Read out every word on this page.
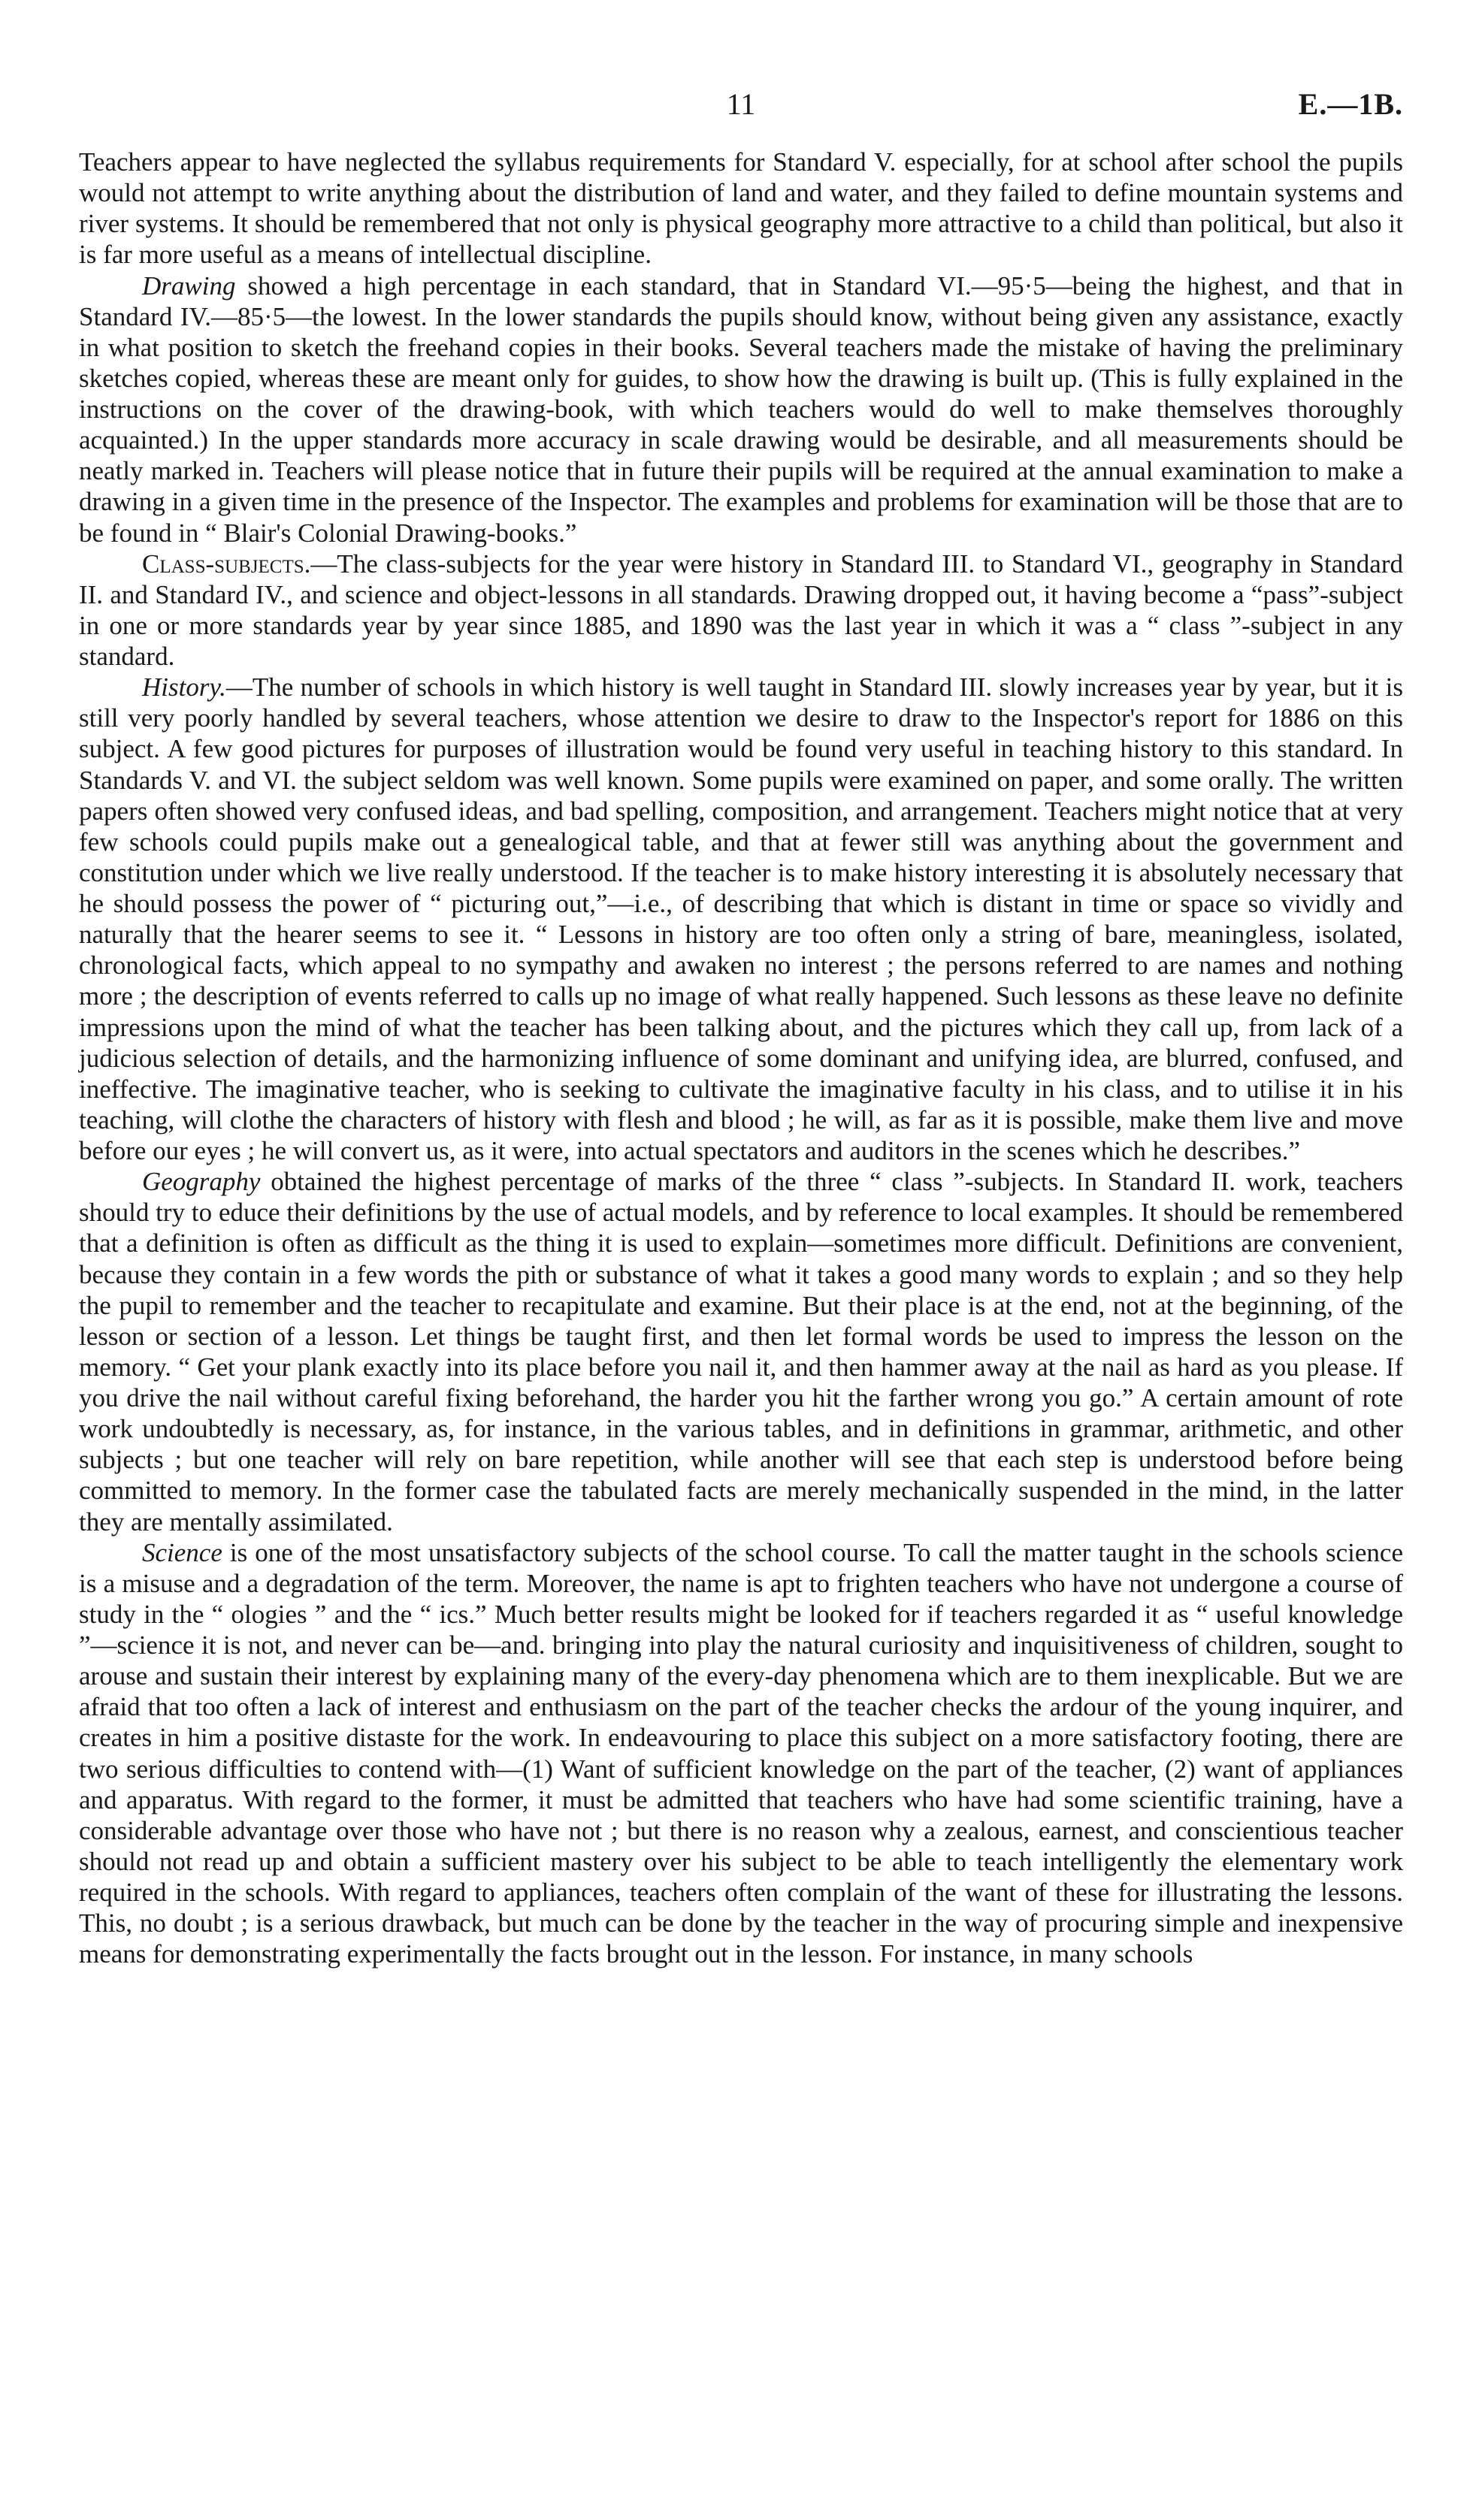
11	E.—1B.

Teachers appear to have neglected the syllabus requirements for Standard V. especially, for at school after school the pupils would not attempt to write anything about the distribution of land and water, and they failed to define mountain systems and river systems. It should be remembered that not only is physical geography more attractive to a child than political, but also it is far more useful as a means of intellectual discipline.

Drawing showed a high percentage in each standard, that in Standard VI.—95·5—being the highest, and that in Standard IV.—85·5—the lowest. In the lower standards the pupils should know, without being given any assistance, exactly in what position to sketch the freehand copies in their books. Several teachers made the mistake of having the preliminary sketches copied, whereas these are meant only for guides, to show how the drawing is built up. (This is fully explained in the instructions on the cover of the drawing-book, with which teachers would do well to make themselves thoroughly acquainted.) In the upper standards more accuracy in scale drawing would be desirable, and all measurements should be neatly marked in. Teachers will please notice that in future their pupils will be required at the annual examination to make a drawing in a given time in the presence of the Inspector. The examples and problems for examination will be those that are to be found in “ Blair's Colonial Drawing-books.”

Class-subjects.—The class-subjects for the year were history in Standard III. to Standard VI., geography in Standard II. and Standard IV., and science and object-lessons in all standards. Drawing dropped out, it having become a “pass”-subject in one or more standards year by year since 1885, and 1890 was the last year in which it was a “ class ”-subject in any standard.

History.—The number of schools in which history is well taught in Standard III. slowly increases year by year, but it is still very poorly handled by several teachers, whose attention we desire to draw to the Inspector's report for 1886 on this subject. A few good pictures for purposes of illustration would be found very useful in teaching history to this standard. In Standards V. and VI. the subject seldom was well known. Some pupils were examined on paper, and some orally. The written papers often showed very confused ideas, and bad spelling, composition, and arrangement. Teachers might notice that at very few schools could pupils make out a genealogical table, and that at fewer still was anything about the government and constitution under which we live really understood. If the teacher is to make history interesting it is absolutely necessary that he should possess the power of “ picturing out,”—i.e., of describing that which is distant in time or space so vividly and naturally that the hearer seems to see it. “ Lessons in history are too often only a string of bare, meaningless, isolated, chronological facts, which appeal to no sympathy and awaken no interest ; the persons referred to are names and nothing more ; the description of events referred to calls up no image of what really happened. Such lessons as these leave no definite impressions upon the mind of what the teacher has been talking about, and the pictures which they call up, from lack of a judicious selection of details, and the harmonizing influence of some dominant and unifying idea, are blurred, confused, and ineffective. The imaginative teacher, who is seeking to cultivate the imaginative faculty in his class, and to utilise it in his teaching, will clothe the characters of history with flesh and blood ; he will, as far as it is possible, make them live and move before our eyes ; he will convert us, as it were, into actual spectators and auditors in the scenes which he describes.”

Geography obtained the highest percentage of marks of the three “ class ”-subjects. In Standard II. work, teachers should try to educe their definitions by the use of actual models, and by reference to local examples. It should be remembered that a definition is often as difficult as the thing it is used to explain—sometimes more difficult. Definitions are convenient, because they contain in a few words the pith or substance of what it takes a good many words to explain ; and so they help the pupil to remember and the teacher to recapitulate and examine. But their place is at the end, not at the beginning, of the lesson or section of a lesson. Let things be taught first, and then let formal words be used to impress the lesson on the memory. “ Get your plank exactly into its place before you nail it, and then hammer away at the nail as hard as you please. If you drive the nail without careful fixing beforehand, the harder you hit the farther wrong you go.” A certain amount of rote work undoubtedly is necessary, as, for instance, in the various tables, and in definitions in grammar, arithmetic, and other subjects ; but one teacher will rely on bare repetition, while another will see that each step is understood before being committed to memory. In the former case the tabulated facts are merely mechanically suspended in the mind, in the latter they are mentally assimilated.

Science is one of the most unsatisfactory subjects of the school course. To call the matter taught in the schools science is a misuse and a degradation of the term. Moreover, the name is apt to frighten teachers who have not undergone a course of study in the “ ologies ” and the “ ics.” Much better results might be looked for if teachers regarded it as “ useful knowledge ”—science it is not, and never can be—and. bringing into play the natural curiosity and inquisitiveness of children, sought to arouse and sustain their interest by explaining many of the every-day phenomena which are to them inexplicable. But we are afraid that too often a lack of interest and enthusiasm on the part of the teacher checks the ardour of the young inquirer, and creates in him a positive distaste for the work. In endeavouring to place this subject on a more satisfactory footing, there are two serious difficulties to contend with—(1) Want of sufficient knowledge on the part of the teacher, (2) want of appliances and apparatus. With regard to the former, it must be admitted that teachers who have had some scientific training, have a considerable advantage over those who have not ; but there is no reason why a zealous, earnest, and conscientious teacher should not read up and obtain a sufficient mastery over his subject to be able to teach intelligently the elementary work required in the schools. With regard to appliances, teachers often complain of the want of these for illustrating the lessons. This, no doubt ; is a serious drawback, but much can be done by the teacher in the way of procuring simple and inexpensive means for demonstrating experimentally the facts brought out in the lesson. For instance, in many schools
